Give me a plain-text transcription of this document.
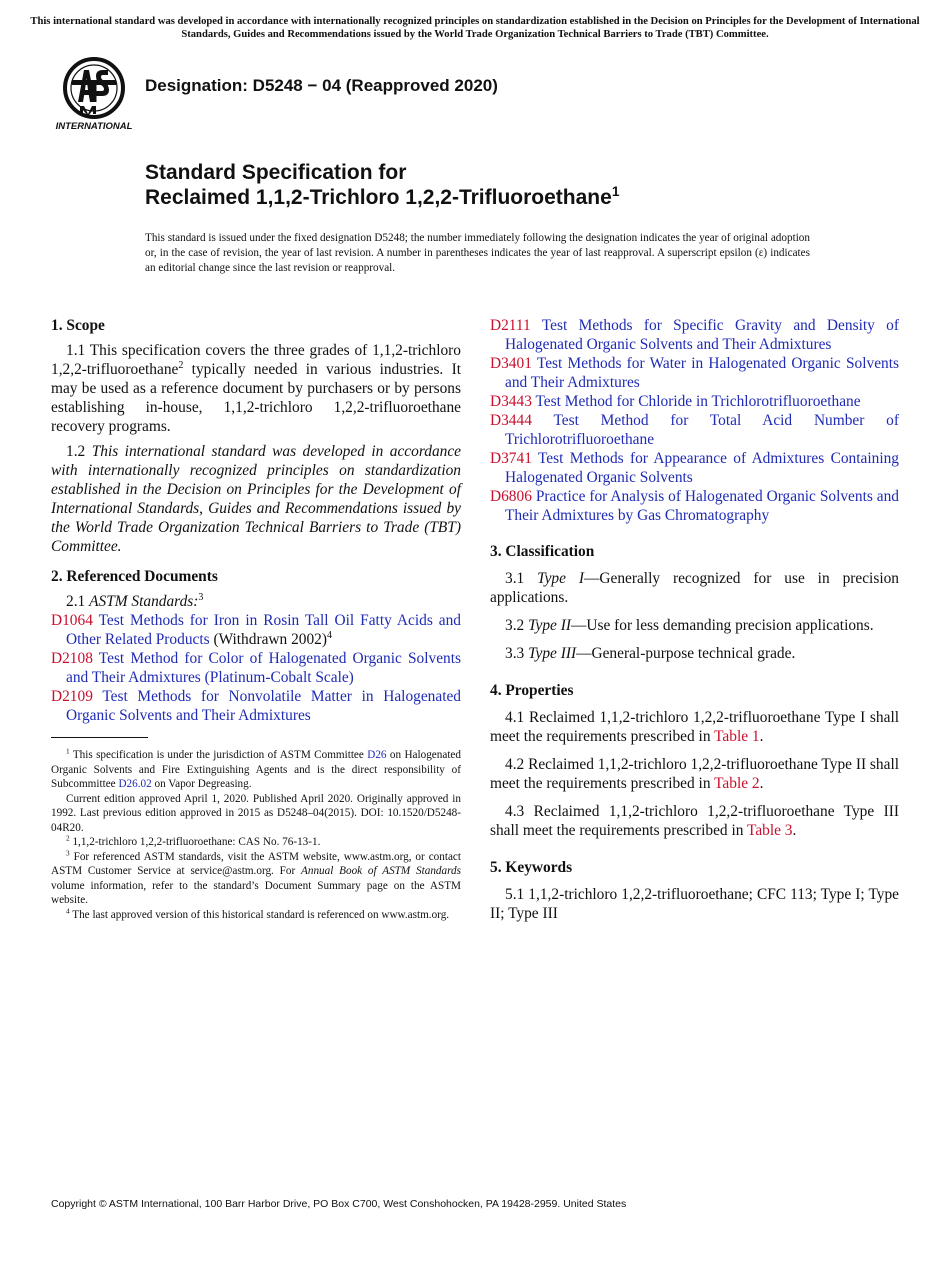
This international standard was developed in accordance with internationally recognized principles on standardization established in the Decision on Principles for the Development of International Standards, Guides and Recommendations issued by the World Trade Organization Technical Barriers to Trade (TBT) Committee.
INTERNATIONAL
Designation: D5248 − 04 (Reapproved 2020)
Standard Specification for
Reclaimed 1,1,2-Trichloro 1,2,2-Trifluoroethane$^1$
This standard is issued under the fixed designation D5248; the number immediately following the designation indicates the year of original adoption or, in the case of revision, the year of last revision. A number in parentheses indicates the year of last reapproval. A superscript epsilon (ε) indicates an editorial change since the last revision or reapproval.
1. Scope

1.1 This specification covers the three grades of 1,1,2-trichloro 1,2,2-trifluoroethane$^2$ typically needed in various industries. It may be used as a reference document by purchasers or by persons establishing in-house, 1,1,2-trichloro 1,2,2-trifluoroethane recovery programs.

1.2 This international standard was developed in accordance with internationally recognized principles on standardization established in the Decision on Principles for the Development of International Standards, Guides and Recommendations issued by the World Trade Organization Technical Barriers to Trade (TBT) Committee.

2. Referenced Documents

2.1 ASTM Standards:$^3$

D1064 Test Methods for Iron in Rosin Tall Oil Fatty Acids and Other Related Products (Withdrawn 2002)$^4$
D2108 Test Method for Color of Halogenated Organic Solvents and Their Admixtures (Platinum-Cobalt Scale)
D2109 Test Methods for Nonvolatile Matter in Halogenated Organic Solvents and Their Admixtures

$^1$ This specification is under the jurisdiction of ASTM Committee D26 on Halogenated Organic Solvents and Fire Extinguishing Agents and is the direct responsibility of Subcommittee D26.02 on Vapor Degreasing.

Current edition approved April 1, 2020. Published April 2020. Originally approved in 1992. Last previous edition approved in 2015 as D5248–04(2015). DOI: 10.1520/D5248-04R20.

$^2$ 1,1,2-trichloro 1,2,2-trifluoroethane: CAS No. 76-13-1.

$^3$ For referenced ASTM standards, visit the ASTM website, www.astm.org, or contact ASTM Customer Service at service@astm.org. For Annual Book of ASTM Standards volume information, refer to the standard’s Document Summary page on the ASTM website.

$^4$ The last approved version of this historical standard is referenced on www.astm.org.

D2111 Test Methods for Specific Gravity and Density of Halogenated Organic Solvents and Their Admixtures
D3401 Test Methods for Water in Halogenated Organic Solvents and Their Admixtures
D3443 Test Method for Chloride in Trichlorotrifluoroethane
D3444 Test Method for Total Acid Number of Trichlorotrifluoroethane
D3741 Test Methods for Appearance of Admixtures Containing Halogenated Organic Solvents
D6806 Practice for Analysis of Halogenated Organic Solvents and Their Admixtures by Gas Chromatography
3. Classification

3.1 Type I—Generally recognized for use in precision applications.

3.2 Type II—Use for less demanding precision applications.

3.3 Type III—General-purpose technical grade.

4. Properties

4.1 Reclaimed 1,1,2-trichloro 1,2,2-trifluoroethane Type I shall meet the requirements prescribed in Table 1.

4.2 Reclaimed 1,1,2-trichloro 1,2,2-trifluoroethane Type II shall meet the requirements prescribed in Table 2.

4.3 Reclaimed 1,1,2-trichloro 1,2,2-trifluoroethane Type III shall meet the requirements prescribed in Table 3.

5. Keywords

5.1 1,1,2-trichloro 1,2,2-trifluoroethane; CFC 113; Type I; Type II; Type III

Copyright © ASTM International, 100 Barr Harbor Drive, PO Box C700, West Conshohocken, PA 19428-2959. United States
